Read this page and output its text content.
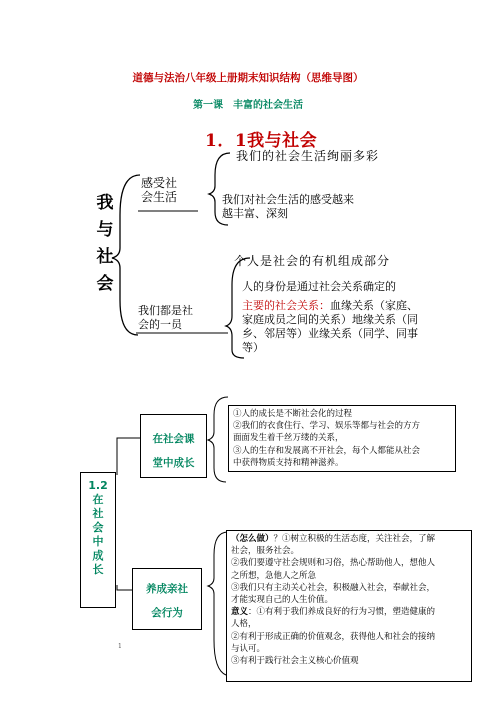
道德与法治八年级上册期末知识结构（思维导图）
第一课　丰富的社会生活
1．1我与社会
我
与
社
会
感受社
会生活
我们的社会生活绚丽多彩
我们对社会生活的感受越来
越丰富、深刻
我们都是社
会的一员
个人是社会的有机组成部分
人的身份是通过社会关系确定的
主要的社会关系：血缘关系（家庭、
家庭成员之间的关系）地缘关系（同
乡、邻居等）业缘关系（同学、同事
等）
1.2
在
社
会
中
成
长
在社会课
堂中成长
①人的成长是不断社会化的过程
②我们的衣食住行、学习、娱乐等都与社会的方方
面面发生着千丝万缕的关系，
③人的生存和发展离不开社会，每个人都能从社会
中获得物质支持和精神滋养。
养成亲社
会行为
（怎么做）？①树立积极的生活态度，关注社会，了解
社会，服务社会。
②我们要遵守社会规则和习俗，热心帮助他人，想他人
之所想，急他人之所急
③我们只有主动关心社会，积极融入社会，奉献社会，
才能实现自己的人生价值。
意义：①有利于我们养成良好的行为习惯，塑造健康的
人格，
②有利于形成正确的价值观念，获得他人和社会的接纳
与认可。
③有利于践行社会主义核心价值观
1
